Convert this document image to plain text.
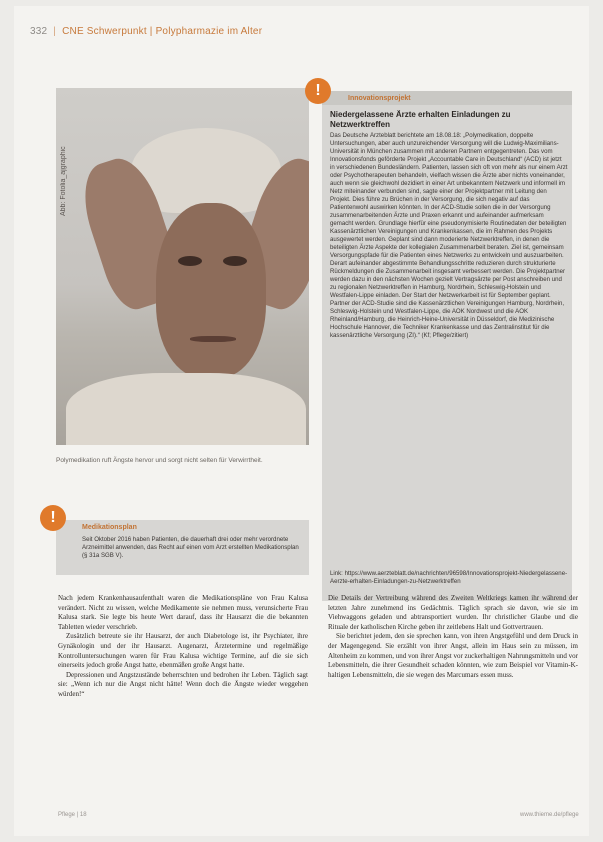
332 | CNE Schwerpunkt | Polypharmazie im Alter
Abb: Fotolia_ajgraphic
Polymedikation ruft Ängste hervor und sorgt nicht selten für Verwirrtheit.
!	Innovationsprojekt
Niedergelassene Ärzte erhalten Einladungen zu Netzwerktreffen
Das Deutsche Ärzteblatt berichtete am 18.08.18: „Polymedikation, doppelte Untersuchungen, aber auch unzureichender Versorgung will die Ludwig-Maximilians-Universität in München zusammen mit anderen Partnern entgegentreten. Das vom Innovationsfonds geförderte Projekt „Accountable Care in Deutschland“ (ACD) ist jetzt in verschiedenen Bundesländern. Patienten, lassen sich oft von mehr als nur einem Arzt oder Psychotherapeuten behandeln, vielfach wissen die Ärzte aber nichts voneinander, auch wenn sie gleichwohl dezidiert in einer Art unbekanntem Netzwerk und informell im Netz miteinander verbunden sind, sagte einer der Projektpartner mit Leitung den Projekt. Dies führe zu Brüchen in der Versorgung, die sich negativ auf das Patientenwohl auswirken könnten. In der ACD-Studie sollen die in der Versorgung zusammenarbeitenden Ärzte und Praxen erkannt und aufeinander aufmerksam gemacht werden. Grundlage hierfür eine pseudonymisierte Routinedaten der beteiligten Kassenärztlichen Vereinigungen und Krankenkassen, die im Rahmen des Projekts ausgewertet werden. Geplant sind dann moderierte Netzwerktreffen, in denen die beteiligten Ärzte Aspekte der kollegialen Zusammenarbeit beraten. Ziel ist, gemeinsam Versorgungspfade für die Patienten eines Netzwerks zu entwickeln und auszuarbeiten. Derart aufeinander abgestimmte Behandlungsschritte reduzieren durch strukturierte Rückmeldungen die Zusammenarbeit insgesamt verbessert werden. Die Projektpartner werden dazu in den nächsten Wochen gezielt Vertragsärzte per Post anschreiben und zu regionalen Netzwerktreffen in Hamburg, Nordrhein, Schleswig-Holstein und Westfalen-Lippe einladen. Der Start der Netzwerkarbeit ist für September geplant. Partner der ACD-Studie sind die Kassenärztlichen Vereinigungen Hamburg, Nordrhein, Schleswig-Holstein und Westfalen-Lippe, die AOK Nordwest und die AOK Rheinland/Hamburg, die Heinrich-Heine-Universität in Düsseldorf, die Medizinische Hochschule Hannover, die Techniker Krankenkasse und das Zentralinstitut für die kassenärztliche Versorgung (ZI).“ (Kf; Pflege/zitiert)
Link: https://www.aerzteblatt.de/nachrichten/96598/Innovationsprojekt-Niedergelassene-Aerzte-erhalten-Einladungen-zu-Netzwerktreffen
!
Medikationsplan
Seit Oktober 2016 haben Patienten, die dauerhaft drei oder mehr verordnete Arzneimittel anwenden, das Recht auf einen vom Arzt erstellten Medikationsplan (§ 31a SGB V).

Nach jedem Krankenhausaufenthalt waren die Medikationspläne von Frau Kalusa verändert. Nicht zu wissen, welche Medikamente sie nehmen muss, verunsicherte Frau Kalusa stark. Sie legte bis heute Wert darauf, dass ihr Hausarzt die die bekannten Tabletten wieder verschrieb.

Zusätzlich betreute sie ihr Hausarzt, der auch Diabetologe ist, ihr Psychiater, ihre Gynäkologin und der ihr Hausarzt. Augenarzt, Ärztetermine und regelmäßige Kontrolluntersuchungen waren für Frau Kalusa wichtige Termine, auf die sie sich einerseits jedoch große Angst hatte, ebenmäßen große Angst hatte.

Depressionen und Angstzustände beherrschten und bedrohen ihr Leben. Täglich sagt sie: „Wenn ich nur die Angst nicht hätte! Wenn doch die Ängste wieder weggehen würden!“

Die Details der Vertreibung während des Zweiten Weltkriegs kamen ihr während der letzten Jahre zunehmend ins Gedächtnis. Täglich sprach sie davon, wie sie im Viehwaggons geladen und abtransportiert wurden. Ihr christlicher Glaube und die Rituale der katholischen Kirche geben ihr zeitlebens Halt und Gottvertrauen.

Sie berichtet jedem, den sie sprechen kann, von ihren Angstgefühl und dem Druck in der Magengegend. Sie erzählt von ihrer Angst, allein im Haus sein zu müssen, im Altenheim zu kommen, und von ihrer Angst vor zuckerhaltigen Nahrungsmitteln und vor Lebensmitteln, die ihrer Gesundheit schaden könnten, wie zum Beispiel vor Vitamin-K-haltigen Lebensmitteln, die sie wegen des Marcumars essen muss.

Pflege | 18	www.thieme.de/pflege
